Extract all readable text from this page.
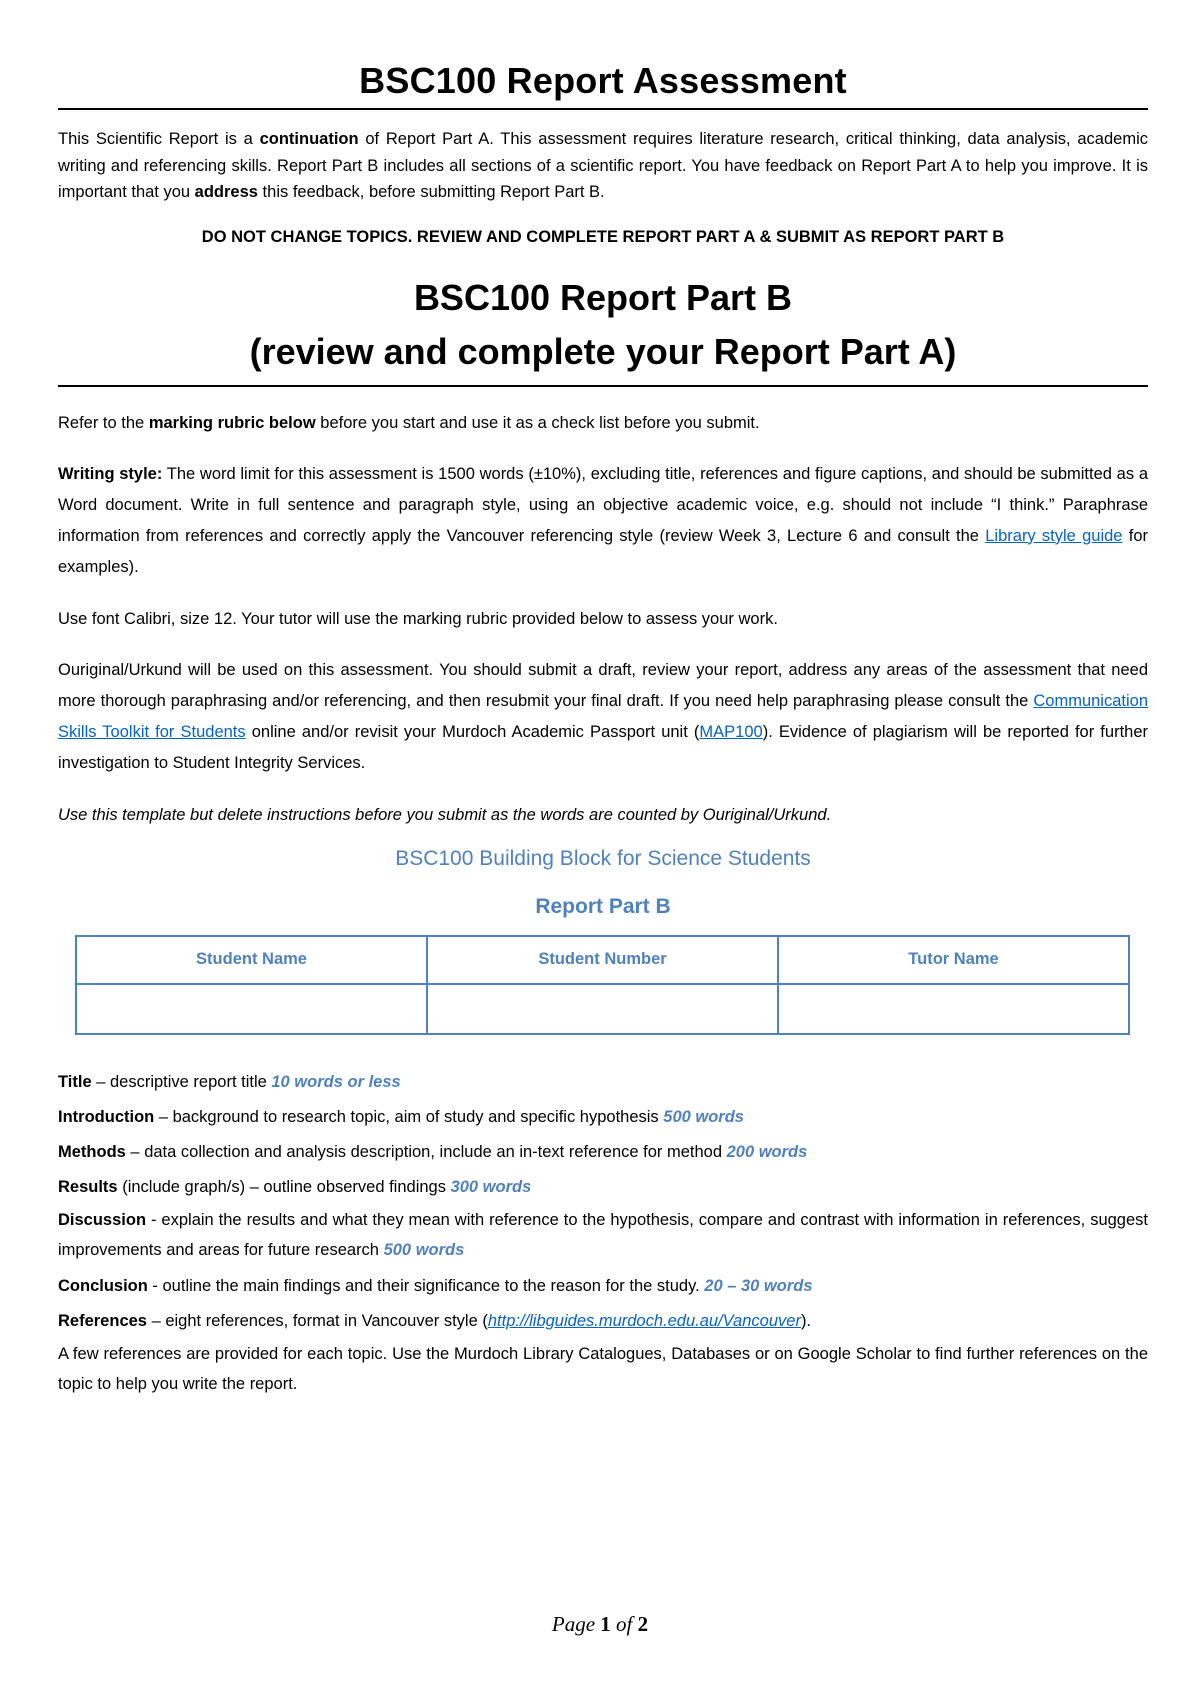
BSC100 Report Assessment

This Scientific Report is a continuation of Report Part A. This assessment requires literature research, critical thinking, data analysis, academic writing and referencing skills. Report Part B includes all sections of a scientific report. You have feedback on Report Part A to help you improve. It is important that you address this feedback, before submitting Report Part B.

DO NOT CHANGE TOPICS. REVIEW AND COMPLETE REPORT PART A & SUBMIT AS REPORT PART B
BSC100 Report Part B
(review and complete your Report Part A)

Refer to the marking rubric below before you start and use it as a check list before you submit.

Writing style: The word limit for this assessment is 1500 words (±10%), excluding title, references and figure captions, and should be submitted as a Word document. Write in full sentence and paragraph style, using an objective academic voice, e.g. should not include “I think.” Paraphrase information from references and correctly apply the Vancouver referencing style (review Week 3, Lecture 6 and consult the Library style guide for examples).

Use font Calibri, size 12. Your tutor will use the marking rubric provided below to assess your work.

Ouriginal/Urkund will be used on this assessment. You should submit a draft, review your report, address any areas of the assessment that need more thorough paraphrasing and/or referencing, and then resubmit your final draft. If you need help paraphrasing please consult the Communication Skills Toolkit for Students online and/or revisit your Murdoch Academic Passport unit (MAP100). Evidence of plagiarism will be reported for further investigation to Student Integrity Services.

Use this template but delete instructions before you submit as the words are counted by Ouriginal/Urkund.

BSC100 Building Block for Science Students
Report Part B
Student Name	Student Number	Tutor Name

Title – descriptive report title 10 words or less
Introduction – background to research topic, aim of study and specific hypothesis 500 words
Methods – data collection and analysis description, include an in-text reference for method 200 words
Results (include graph/s) – outline observed findings 300 words

Discussion - explain the results and what they mean with reference to the hypothesis, compare and contrast with information in references, suggest improvements and areas for future research 500 words

Conclusion - outline the main findings and their significance to the reason for the study. 20 – 30 words
References – eight references, format in Vancouver style (http://libguides.murdoch.edu.au/Vancouver).

A few references are provided for each topic. Use the Murdoch Library Catalogues, Databases or on Google Scholar to find further references on the topic to help you write the report.

Page 1 of 2
